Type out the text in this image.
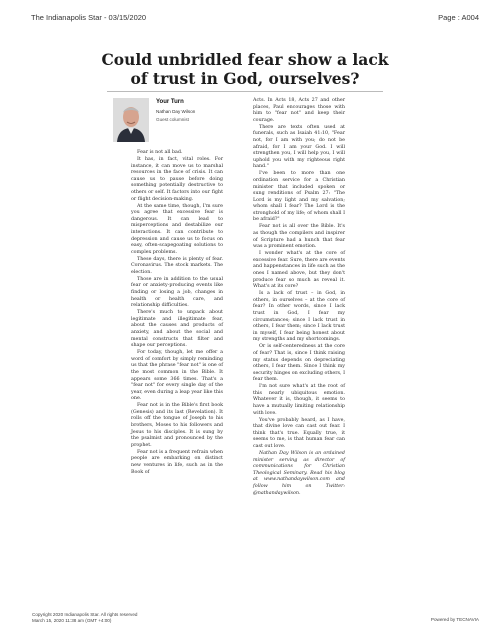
The Indianapolis Star - 03/15/2020	Page : A004
Could unbridled fear show a lack of trust in God, ourselves?
Your Turn
Nathan Day Wilson
Guest columnist

Fear is not all bad.

It has, in fact, vital roles. For instance, it can move us to marshal resources in the face of crisis. It can cause us to pause before doing something potentially destructive to others or self. It factors into our fight or flight decision-making.

At the same time, though, I'm sure you agree that excessive fear is dangerous. It can lead to misperceptions and destabilize our interactions. It can contribute to depression and cause us to focus on easy, often-scapegoating solutions to complex problems.

These days, there is plenty of fear. Coronavirus. The stock markets. The election.

Those are in addition to the usual fear or anxiety-producing events like finding or losing a job, changes in health or health care, and relationship difficulties.

There's much to unpack about legitimate and illegitimate fear, about the causes and products of anxiety, and about the social and mental constructs that filter and shape our perceptions.

For today, though, let me offer a word of comfort by simply reminding us that the phrase "fear not" is one of the most common in the Bible. It appears some 366 times. That's a "fear not" for every single day of the year, even during a leap year like this one.

Fear not is in the Bible's first book (Genesis) and its last (Revelation). It rolls off the tongue of Joseph to his brothers, Moses to his followers and Jesus to his disciples. It is sung by the psalmist and pronounced by the prophet.

Fear not is a frequent refrain when people are embarking on distinct new ventures in life, such as in the Book of

Acts. In Acts 18, Acts 27 and other places, Paul encourages those with him to "fear not" and keep their courage.

There are texts often used at funerals, such as Isaiah 41:10, "Fear not, for I am with you; do not be afraid, for I am your God. I will strengthen you, I will help you, I will uphold you with my righteous right hand."

I've been to more than one ordination service for a Christian minister that included spoken or sung renditions of Psalm 27: "The Lord is my light and my salvation; whom shall I fear? The Lord is the stronghold of my life; of whom shall I be afraid?"

Fear not is all over the Bible. It's as though the compilers and inspirer of Scripture had a hunch that fear was a prominent emotion.

I wonder what's at the core of excessive fear. Sure, there are events and happenstances in life such as the ones I named above, but they don't produce fear so much as reveal it. What's at its core?

Is a lack of trust – in God, in others, in ourselves – at the core of fear? In other words, since I lack trust in God, I fear my circumstances; since I lack trust in others, I fear them; since I lack trust in myself, I fear being honest about my strengths and my shortcomings.

Or is self-centeredness at the core of fear? That is, since I think raising my status depends on depreciating others, I fear them. Since I think my security hinges on excluding others, I fear them.

I'm not sure what's at the root of this nearly ubiquitous emotion. Whatever it is, though, it seems to have a mutually limiting relationship with love.

You've probably heard, as I have, that divine love can cast out fear. I think that's true. Equally true, it seems to me, is that human fear can cast out love.

Nathan Day Wilson is an ordained minister serving as director of communications for Christian Theological Seminary. Read his blog at www.nathandaywilson.com and follow him on Twitter: @nathandaywilson.

Copyright 2020 Indianapolis Star. All rights reserved
March 15, 2020 11:38 am (GMT +4:00)	Powered by TECNAVIA
